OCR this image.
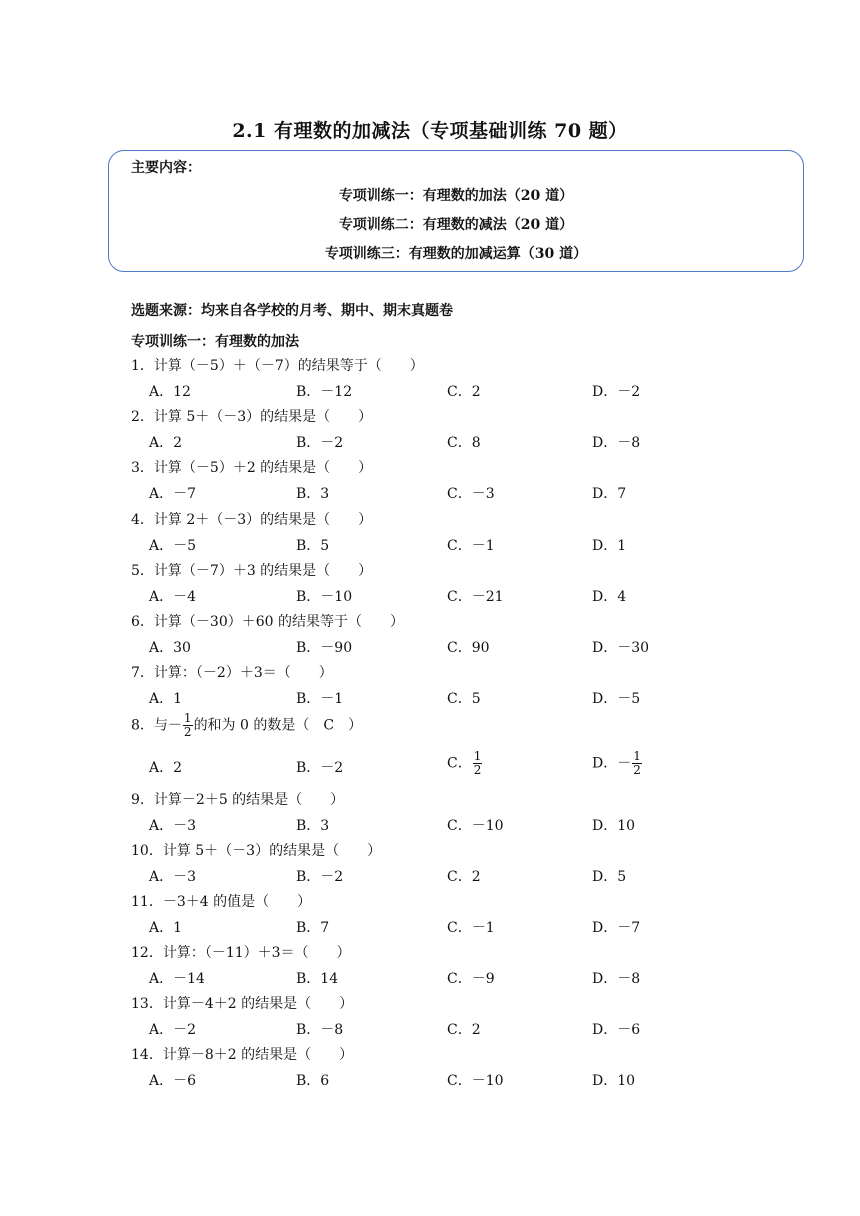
2.1 有理数的加减法（专项基础训练 70 题）
主要内容：
专项训练一：有理数的加法（20 道）
专项训练二：有理数的减法（20 道）
专项训练三：有理数的加减运算（30 道）
选题来源：均来自各学校的月考、期中、期末真题卷
专项训练一：有理数的加法
1．计算（－5）＋（－7）的结果等于（　　）
A．12	B．－12	C．2	D．－2
2．计算 5＋（－3）的结果是（　　）
A．2	B．－2	C．8	D．－8
3．计算（－5）＋2 的结果是（　　）
A．－7	B．3	C．－3	D．7
4．计算 2＋（－3）的结果是（　　）
A．－5	B．5	C．－1	D．1
5．计算（－7）＋3 的结果是（　　）
A．－4	B．－10	C．－21	D．4
6．计算（－30）＋60 的结果等于（　　）
A．30	B．－90	C．90	D．－30
7．计算：（－2）＋3＝（　　）
A．1	B．－1	C．5	D．－5
8．与－ $\frac{1}{2}$ 的和为 0 的数是（　C　）
A．2	B．－2	C． $\frac{1}{2}$	D．－ $\frac{1}{2}$
9．计算－2＋5 的结果是（　　）
A．－3	B．3	C．－10	D．10
10．计算 5＋（－3）的结果是（　　）
A．－3	B．－2	C．2	D．5
11．－3＋4 的值是（　　）
A．1	B．7	C．－1	D．－7
12．计算：（－11）＋3＝（　　）
A．－14	B．14	C．－9	D．－8
13．计算－4＋2 的结果是（　　）
A．－2	B．－8	C．2	D．－6
14．计算－8＋2 的结果是（　　）
A．－6	B．6	C．－10	D．10
